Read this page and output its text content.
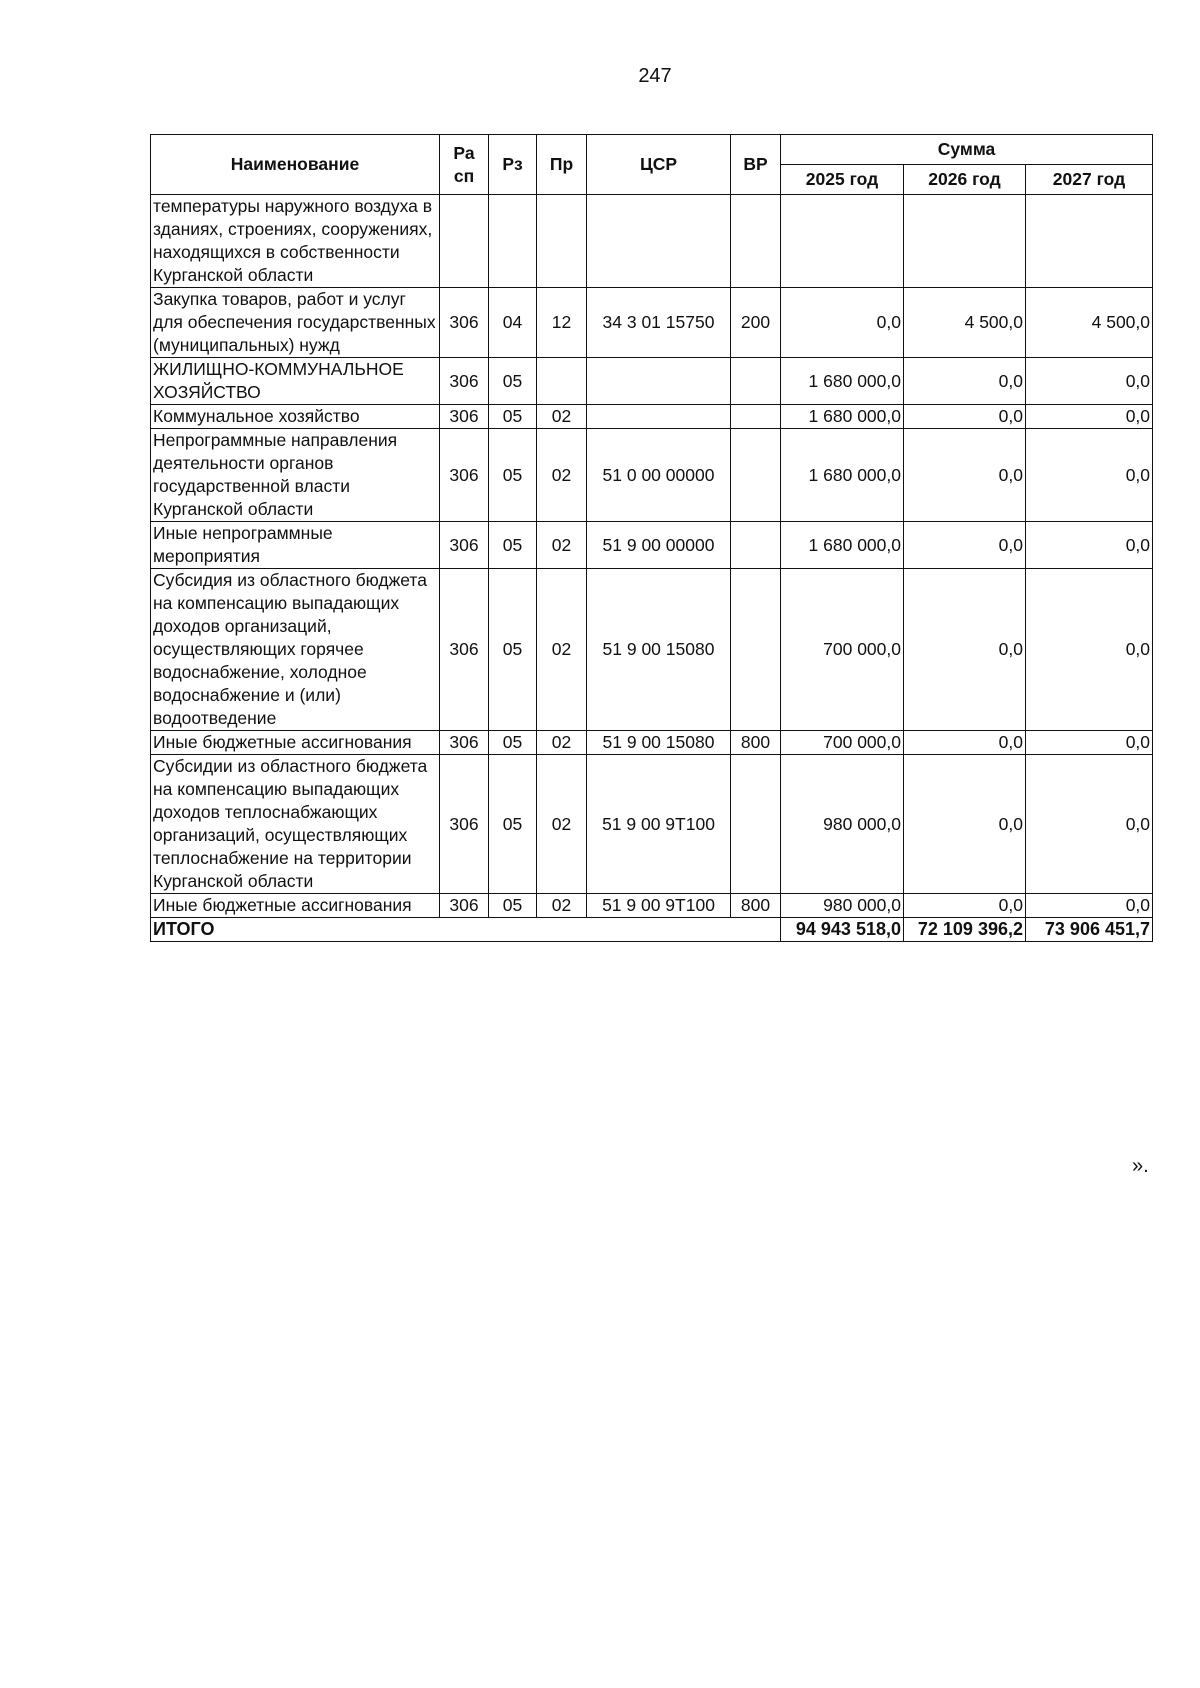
247
Наименование	Ра сп	Рз	Пр	ЦСР	ВР	Сумма		
						2025 год	2026 год	2027 год
температуры наружного воздуха в зданиях, строениях, сооружениях, находящихся в собственности Курганской области								
Закупка товаров, работ и услуг для обеспечения государственных (муниципальных) нужд	306	04	12	34 3 01 15750	200	0,0	4 500,0	4 500,0
ЖИЛИЩНО-КОММУНАЛЬНОЕ ХОЗЯЙСТВО	306	05				1 680 000,0	0,0	0,0
Коммунальное хозяйство	306	05	02			1 680 000,0	0,0	0,0
Непрограммные направления деятельности органов государственной власти Курганской области	306	05	02	51 0 00 00000		1 680 000,0	0,0	0,0
Иные непрограммные мероприятия	306	05	02	51 9 00 00000		1 680 000,0	0,0	0,0
Субсидия из областного бюджета на компенсацию выпадающих доходов организаций, осуществляющих горячее водоснабжение, холодное водоснабжение и (или) водоотведение	306	05	02	51 9 00 15080		700 000,0	0,0	0,0
Иные бюджетные ассигнования	306	05	02	51 9 00 15080	800	700 000,0	0,0	0,0
Субсидии из областного бюджета на компенсацию выпадающих доходов теплоснабжающих организаций, осуществляющих теплоснабжение на территории Курганской области	306	05	02	51 9 00 9Т100		980 000,0	0,0	0,0
Иные бюджетные ассигнования	306	05	02	51 9 00 9Т100	800	980 000,0	0,0	0,0
ИТОГО						94 943 518,0	72 109 396,2	73 906 451,7
».
